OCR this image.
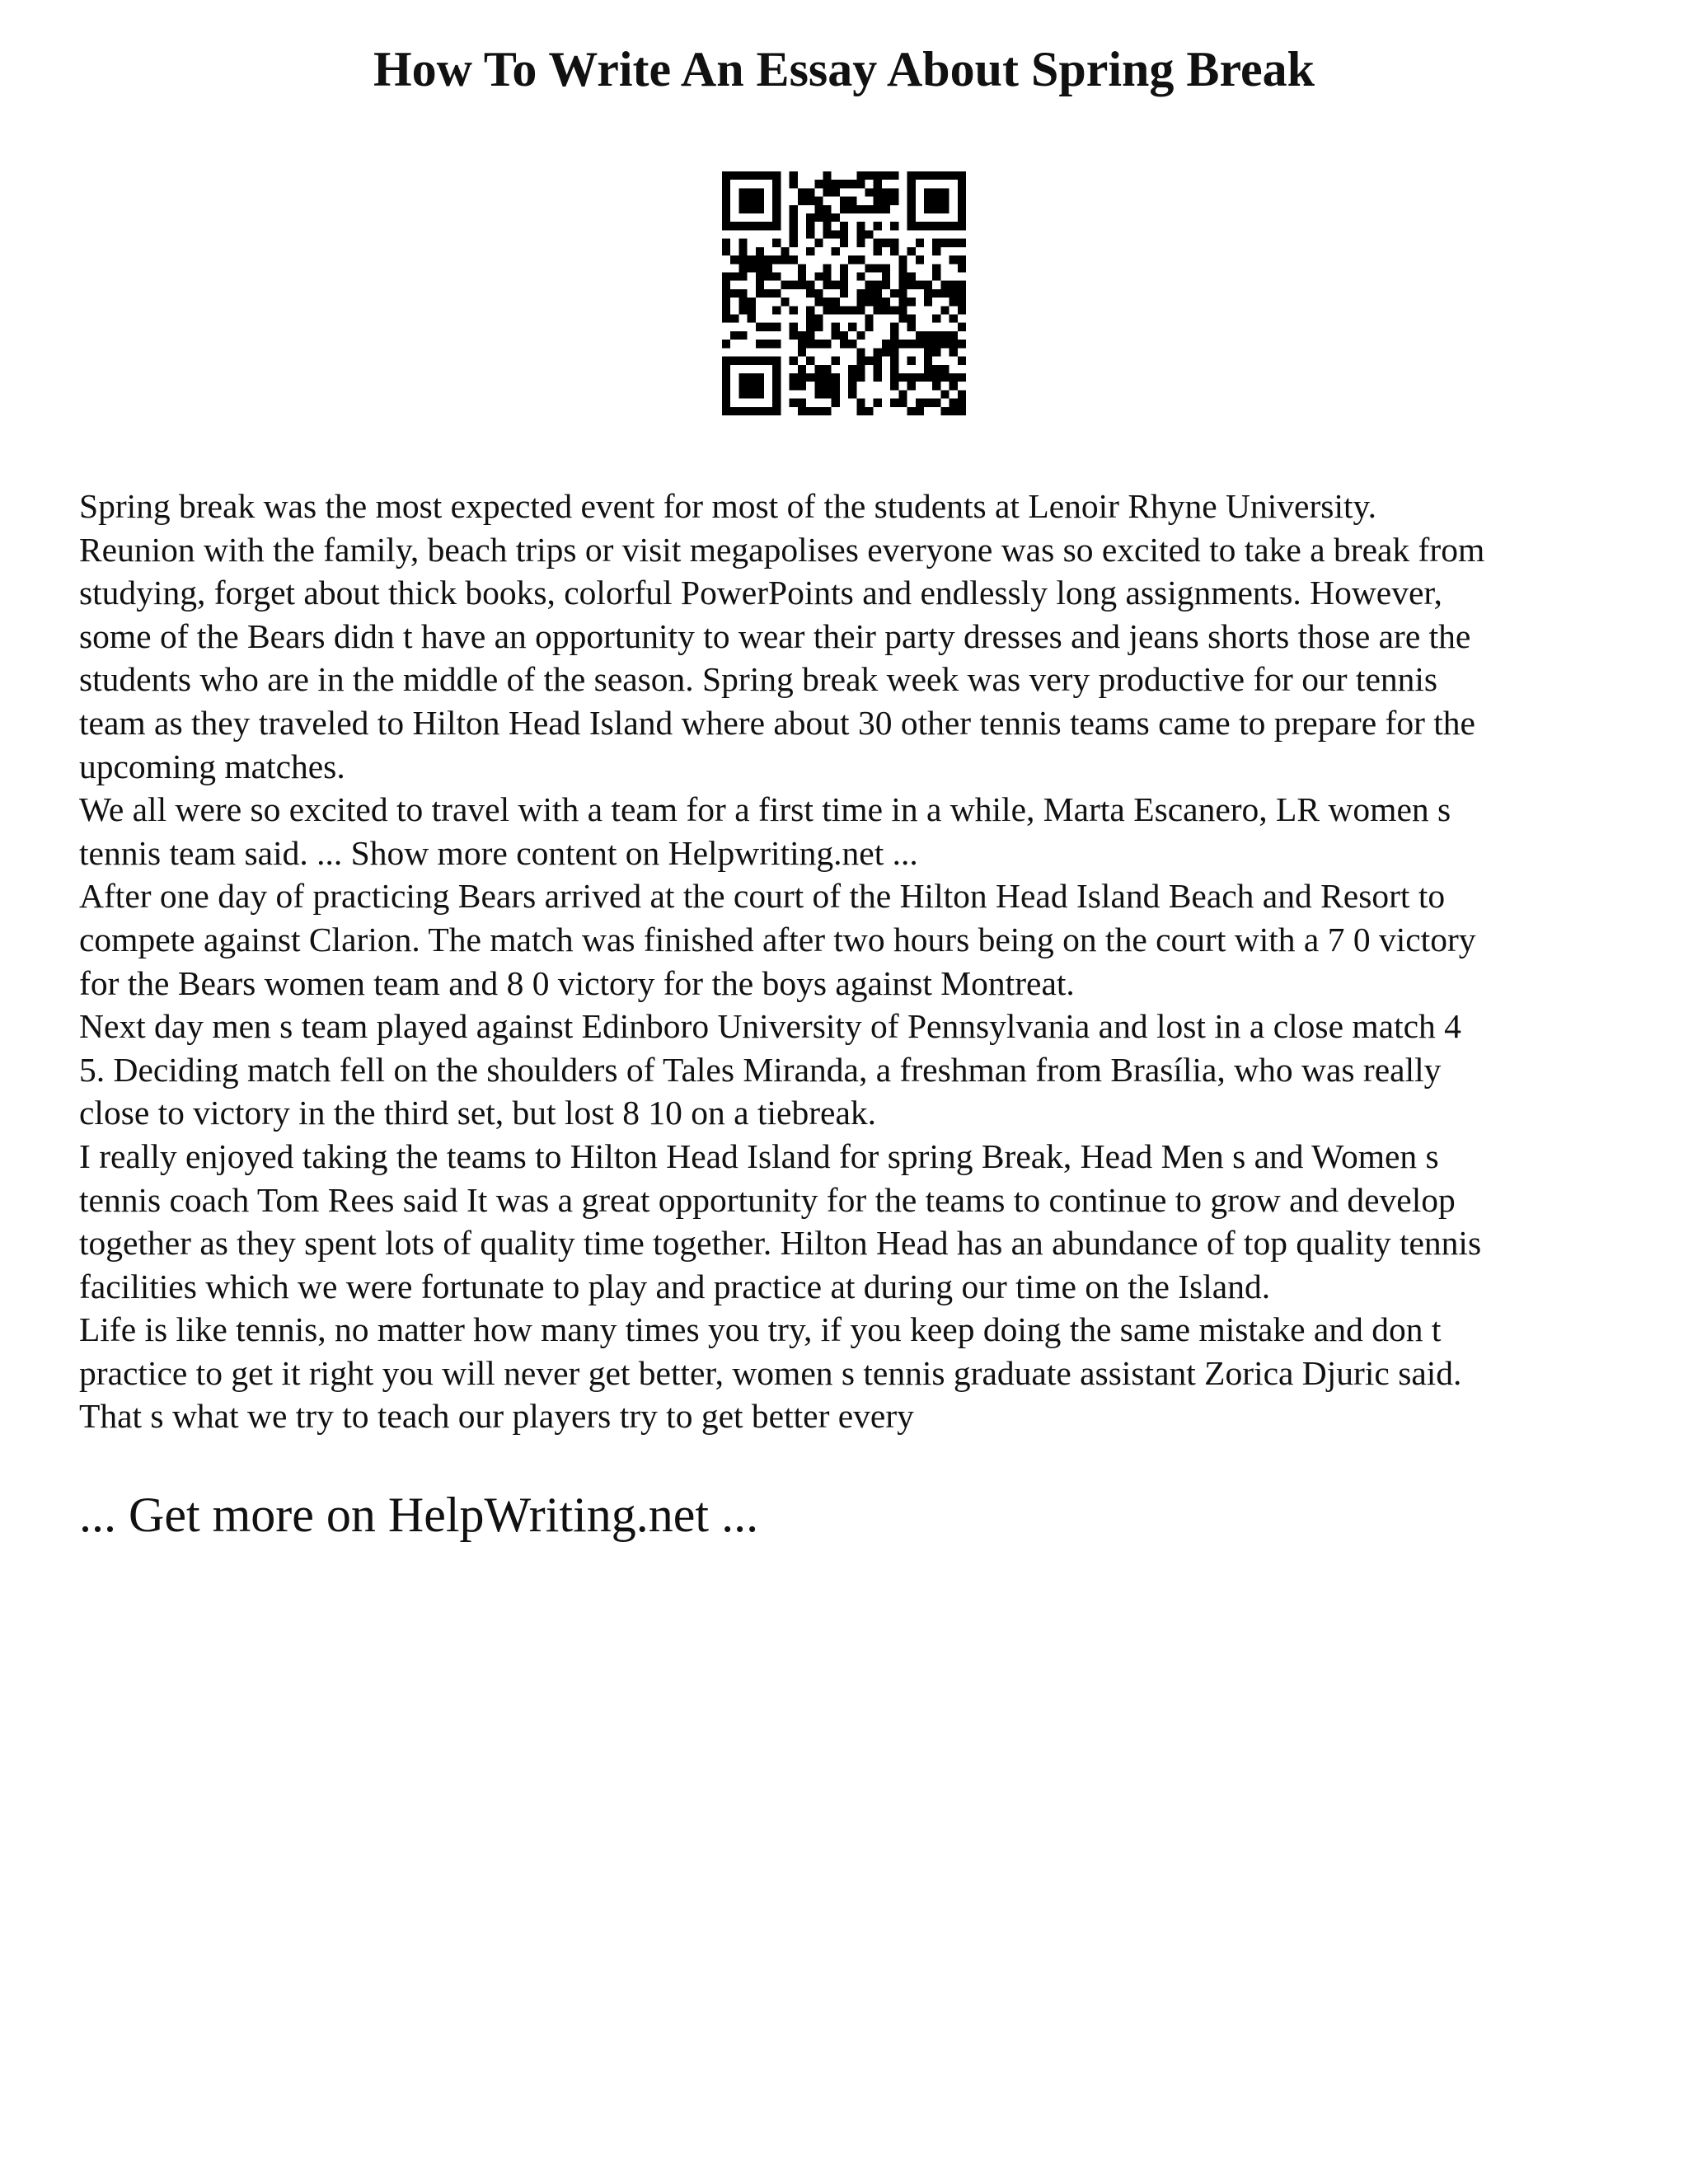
How To Write An Essay About Spring Break

Spring break was the most expected event for most of the students at Lenoir Rhyne University.
Reunion with the family, beach trips or visit megapolises everyone was so excited to take a break from
studying, forget about thick books, colorful PowerPoints and endlessly long assignments. However,
some of the Bears didn t have an opportunity to wear their party dresses and jeans shorts those are the
students who are in the middle of the season. Spring break week was very productive for our tennis
team as they traveled to Hilton Head Island where about 30 other tennis teams came to prepare for the
upcoming matches.

We all were so excited to travel with a team for a first time in a while, Marta Escanero, LR women s
tennis team said. ... Show more content on Helpwriting.net ...

After one day of practicing Bears arrived at the court of the Hilton Head Island Beach and Resort to
compete against Clarion. The match was finished after two hours being on the court with a 7 0 victory
for the Bears women team and 8 0 victory for the boys against Montreat.

Next day men s team played against Edinboro University of Pennsylvania and lost in a close match 4
5. Deciding match fell on the shoulders of Tales Miranda, a freshman from Brasília, who was really
close to victory in the third set, but lost 8 10 on a tiebreak.

I really enjoyed taking the teams to Hilton Head Island for spring Break, Head Men s and Women s
tennis coach Tom Rees said It was a great opportunity for the teams to continue to grow and develop
together as they spent lots of quality time together. Hilton Head has an abundance of top quality tennis
facilities which we were fortunate to play and practice at during our time on the Island.

Life is like tennis, no matter how many times you try, if you keep doing the same mistake and don t
practice to get it right you will never get better, women s tennis graduate assistant Zorica Djuric said.
That s what we try to teach our players try to get better every

... Get more on HelpWriting.net ...
